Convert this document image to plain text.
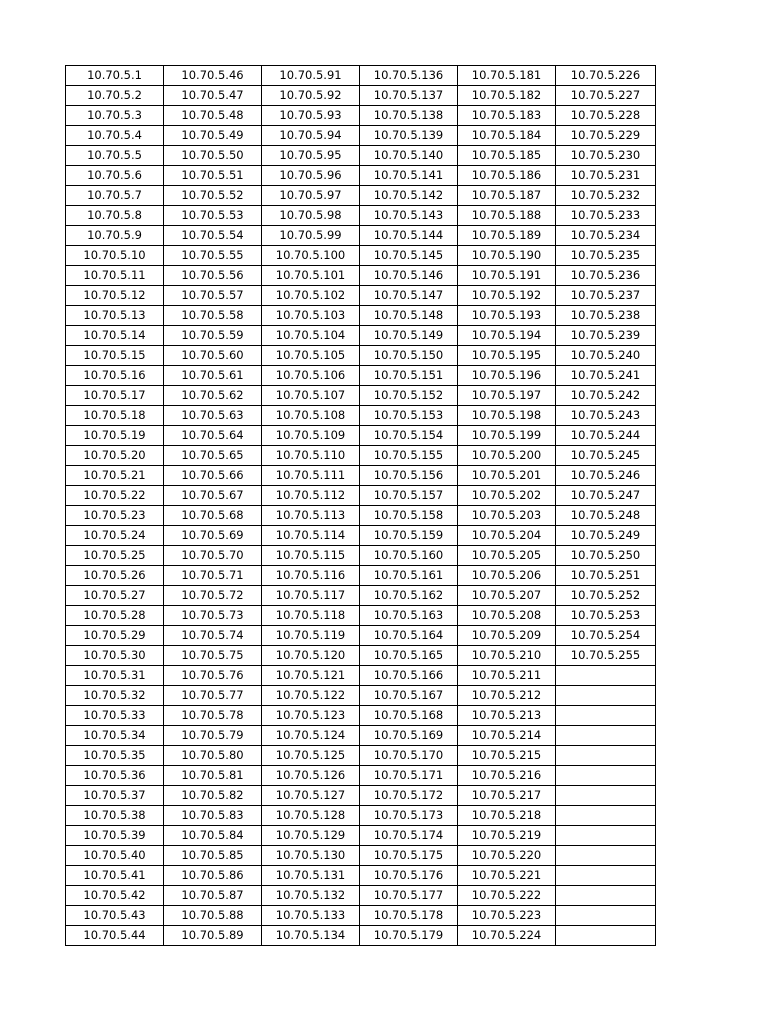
10.70.5.1	10.70.5.46	10.70.5.91	10.70.5.136	10.70.5.181	10.70.5.226
10.70.5.2	10.70.5.47	10.70.5.92	10.70.5.137	10.70.5.182	10.70.5.227
10.70.5.3	10.70.5.48	10.70.5.93	10.70.5.138	10.70.5.183	10.70.5.228
10.70.5.4	10.70.5.49	10.70.5.94	10.70.5.139	10.70.5.184	10.70.5.229
10.70.5.5	10.70.5.50	10.70.5.95	10.70.5.140	10.70.5.185	10.70.5.230
10.70.5.6	10.70.5.51	10.70.5.96	10.70.5.141	10.70.5.186	10.70.5.231
10.70.5.7	10.70.5.52	10.70.5.97	10.70.5.142	10.70.5.187	10.70.5.232
10.70.5.8	10.70.5.53	10.70.5.98	10.70.5.143	10.70.5.188	10.70.5.233
10.70.5.9	10.70.5.54	10.70.5.99	10.70.5.144	10.70.5.189	10.70.5.234
10.70.5.10	10.70.5.55	10.70.5.100	10.70.5.145	10.70.5.190	10.70.5.235
10.70.5.11	10.70.5.56	10.70.5.101	10.70.5.146	10.70.5.191	10.70.5.236
10.70.5.12	10.70.5.57	10.70.5.102	10.70.5.147	10.70.5.192	10.70.5.237
10.70.5.13	10.70.5.58	10.70.5.103	10.70.5.148	10.70.5.193	10.70.5.238
10.70.5.14	10.70.5.59	10.70.5.104	10.70.5.149	10.70.5.194	10.70.5.239
10.70.5.15	10.70.5.60	10.70.5.105	10.70.5.150	10.70.5.195	10.70.5.240
10.70.5.16	10.70.5.61	10.70.5.106	10.70.5.151	10.70.5.196	10.70.5.241
10.70.5.17	10.70.5.62	10.70.5.107	10.70.5.152	10.70.5.197	10.70.5.242
10.70.5.18	10.70.5.63	10.70.5.108	10.70.5.153	10.70.5.198	10.70.5.243
10.70.5.19	10.70.5.64	10.70.5.109	10.70.5.154	10.70.5.199	10.70.5.244
10.70.5.20	10.70.5.65	10.70.5.110	10.70.5.155	10.70.5.200	10.70.5.245
10.70.5.21	10.70.5.66	10.70.5.111	10.70.5.156	10.70.5.201	10.70.5.246
10.70.5.22	10.70.5.67	10.70.5.112	10.70.5.157	10.70.5.202	10.70.5.247
10.70.5.23	10.70.5.68	10.70.5.113	10.70.5.158	10.70.5.203	10.70.5.248
10.70.5.24	10.70.5.69	10.70.5.114	10.70.5.159	10.70.5.204	10.70.5.249
10.70.5.25	10.70.5.70	10.70.5.115	10.70.5.160	10.70.5.205	10.70.5.250
10.70.5.26	10.70.5.71	10.70.5.116	10.70.5.161	10.70.5.206	10.70.5.251
10.70.5.27	10.70.5.72	10.70.5.117	10.70.5.162	10.70.5.207	10.70.5.252
10.70.5.28	10.70.5.73	10.70.5.118	10.70.5.163	10.70.5.208	10.70.5.253
10.70.5.29	10.70.5.74	10.70.5.119	10.70.5.164	10.70.5.209	10.70.5.254
10.70.5.30	10.70.5.75	10.70.5.120	10.70.5.165	10.70.5.210	10.70.5.255
10.70.5.31	10.70.5.76	10.70.5.121	10.70.5.166	10.70.5.211	
10.70.5.32	10.70.5.77	10.70.5.122	10.70.5.167	10.70.5.212	
10.70.5.33	10.70.5.78	10.70.5.123	10.70.5.168	10.70.5.213	
10.70.5.34	10.70.5.79	10.70.5.124	10.70.5.169	10.70.5.214	
10.70.5.35	10.70.5.80	10.70.5.125	10.70.5.170	10.70.5.215	
10.70.5.36	10.70.5.81	10.70.5.126	10.70.5.171	10.70.5.216	
10.70.5.37	10.70.5.82	10.70.5.127	10.70.5.172	10.70.5.217	
10.70.5.38	10.70.5.83	10.70.5.128	10.70.5.173	10.70.5.218	
10.70.5.39	10.70.5.84	10.70.5.129	10.70.5.174	10.70.5.219	
10.70.5.40	10.70.5.85	10.70.5.130	10.70.5.175	10.70.5.220	
10.70.5.41	10.70.5.86	10.70.5.131	10.70.5.176	10.70.5.221	
10.70.5.42	10.70.5.87	10.70.5.132	10.70.5.177	10.70.5.222	
10.70.5.43	10.70.5.88	10.70.5.133	10.70.5.178	10.70.5.223	
10.70.5.44	10.70.5.89	10.70.5.134	10.70.5.179	10.70.5.224	
